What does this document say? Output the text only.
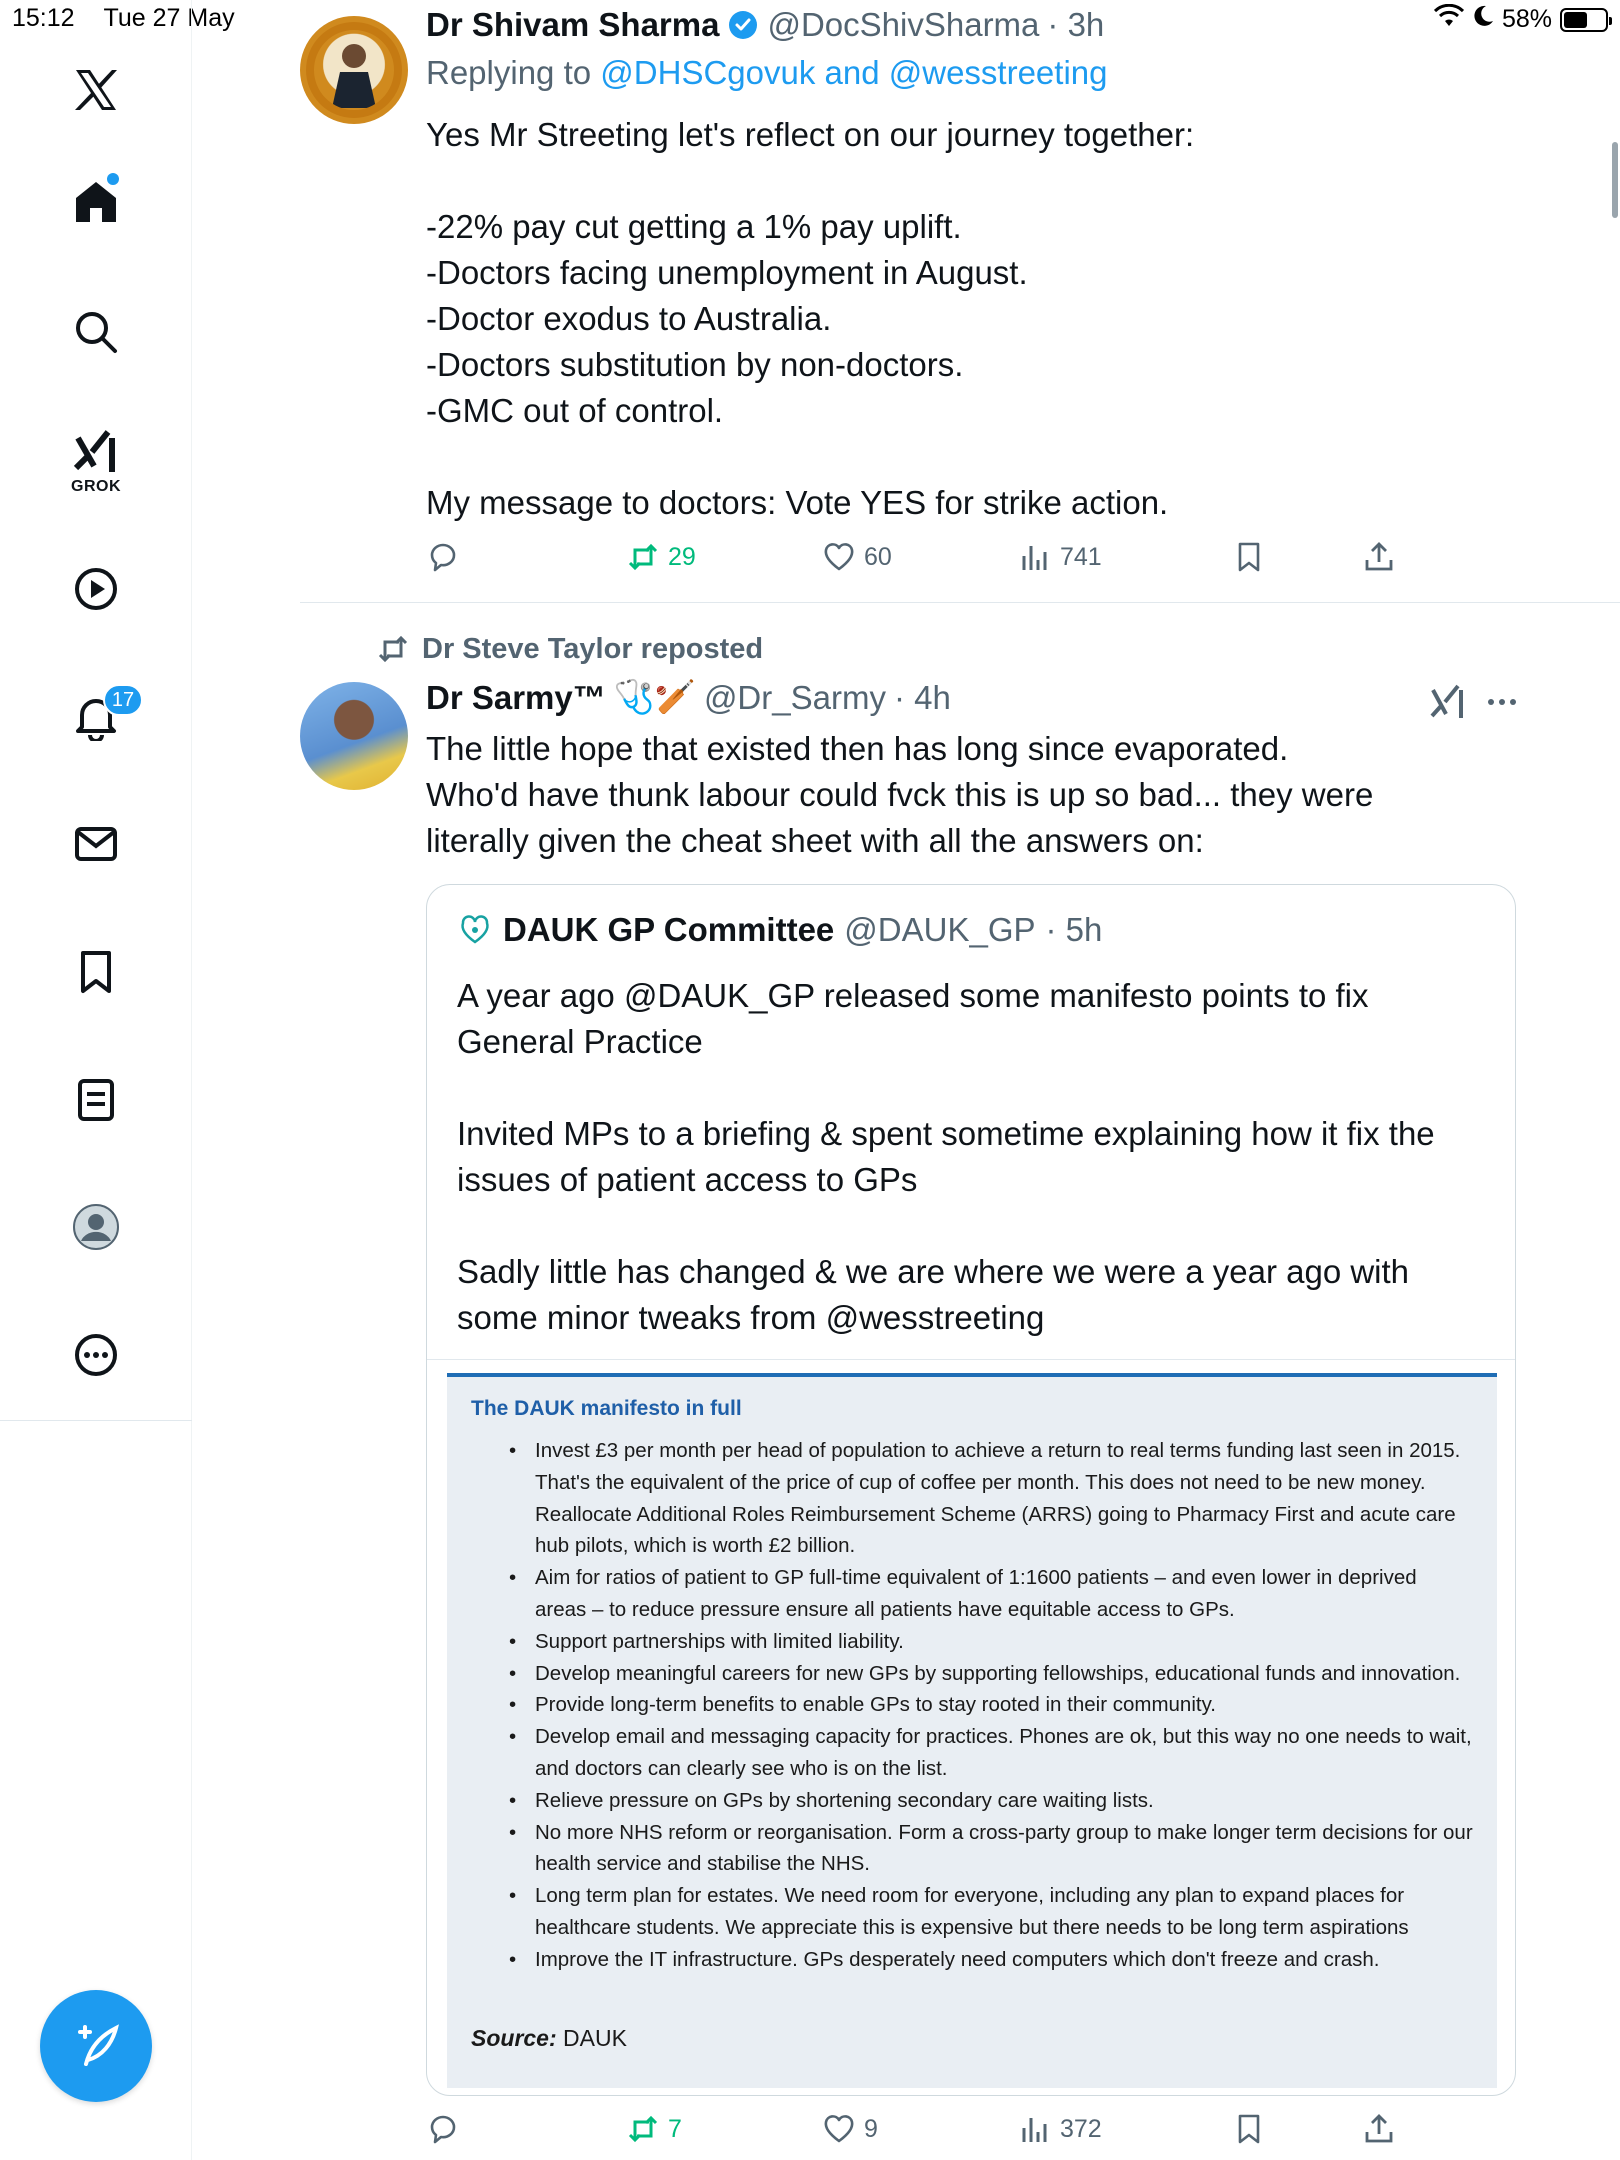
15:12 Tue 27 May	58%
GROK
17
Dr Shivam Sharma @DocShivSharma · 3h
Replying to @DHSCgovuk and @wesstreeting
Yes Mr Streeting let's reflect on our journey together:

-22% pay cut getting a 1% pay uplift.
-Doctors facing unemployment in August.
-Doctor exodus to Australia.
-Doctors substitution by non-doctors.
-GMC out of control.

My message to doctors: Vote YES for strike action.
29	60	741
Dr Steve Taylor reposted
Dr Sarmy™ 🩺🏏 @Dr_Sarmy · 4h
The little hope that existed then has long since evaporated.
Who'd have thunk labour could fvck this is up so bad... they were
literally given the cheat sheet with all the answers on:
DAUK GP Committee @DAUK_GP · 5h
A year ago @DAUK_GP released some manifesto points to fix
General Practice

Invited MPs to a briefing & spent sometime explaining how it fix the
issues of patient access to GPs

Sadly little has changed & we are where we were a year ago with
some minor tweaks from @wesstreeting
The DAUK manifesto in full
• Invest £3 per month per head of population to achieve a return to real terms funding last seen in 2015. That's the equivalent of the price of cup of coffee per month. This does not need to be new money. Reallocate Additional Roles Reimbursement Scheme (ARRS) going to Pharmacy First and acute care hub pilots, which is worth £2 billion.
• Aim for ratios of patient to GP full-time equivalent of 1:1600 patients – and even lower in deprived areas – to reduce pressure ensure all patients have equitable access to GPs.
• Support partnerships with limited liability.
• Develop meaningful careers for new GPs by supporting fellowships, educational funds and innovation.
• Provide long-term benefits to enable GPs to stay rooted in their community.
• Develop email and messaging capacity for practices. Phones are ok, but this way no one needs to wait, and doctors can clearly see who is on the list.
• Relieve pressure on GPs by shortening secondary care waiting lists.
• No more NHS reform or reorganisation. Form a cross-party group to make longer term decisions for our health service and stabilise the NHS.
• Long term plan for estates. We need room for everyone, including any plan to expand places for healthcare students. We appreciate this is expensive but there needs to be long term aspirations
• Improve the IT infrastructure. GPs desperately need computers which don't freeze and crash.
Source: DAUK
7	9	372
